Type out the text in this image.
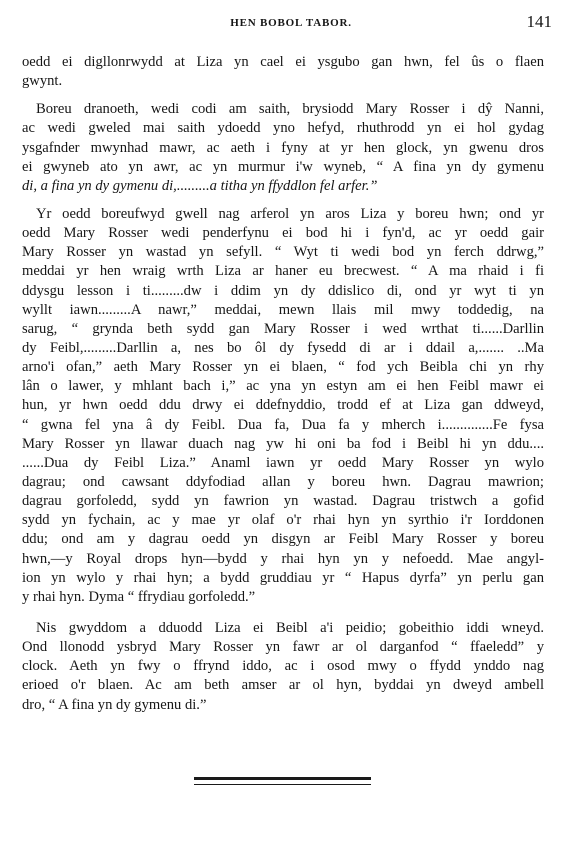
HEN BOBOL TABOR.	141
oedd ei digllonrwydd at Liza yn cael ei ysgubo gan hwn, fel ûs o flaen
gwynt.
Boreu dranoeth, wedi codi am saith, brysiodd Mary Rosser i dŷ Nanni,
ac wedi gweled mai saith ydoedd yno hefyd, rhuthrodd yn ei hol gydag
ysgafnder mwynhad mawr, ac aeth i fyny at yr hen glock, yn gwenu dros
ei gwyneb ato yn awr, ac yn murmur i'w wyneb, “ A fina yn dy gymenu
di, a fina yn dy gymenu di,.........a titha yn ffyddlon fel arfer.”
Yr oedd boreufwyd gwell nag arferol yn aros Liza y boreu hwn; ond yr
oedd Mary Rosser wedi penderfynu ei bod hi i fyn'd, ac yr oedd gair
Mary Rosser yn wastad yn sefyll. “ Wyt ti wedi bod yn ferch ddrwg,”
meddai yr hen wraig wrth Liza ar haner eu brecwest. “ A ma rhaid i fi
ddysgu lesson i ti.........dw i ddim yn dy ddislico di, ond yr wyt ti yn
wyllt iawn.........A nawr,” meddai, mewn llais mil mwy toddedig, na
sarug, “ grynda beth sydd gan Mary Rosser i wed wrthat ti......Darllin
dy Feibl,.........Darllin a, nes bo ôl dy fysedd di ar i ddail a,....... ..Ma
arno'i ofan,” aeth Mary Rosser yn ei blaen, “ fod ych Beibla chi yn rhy
lân o lawer, y mhlant bach i,” ac yna yn estyn am ei hen Feibl mawr ei
hun, yr hwn oedd ddu drwy ei ddefnyddio, trodd ef at Liza gan ddweyd,
“ gwna fel yna â dy Feibl. Dua fa, Dua fa y mherch i..............Fe fysa
Mary Rosser yn llawar duach nag yw hi oni ba fod i Beibl hi yn ddu....
......Dua dy Feibl Liza.” Anaml iawn yr oedd Mary Rosser yn wylo
dagrau; ond cawsant ddyfodiad allan y boreu hwn. Dagrau mawrion;
dagrau gorfoledd, sydd yn fawrion yn wastad. Dagrau tristwch a gofid
sydd yn fychain, ac y mae yr olaf o'r rhai hyn yn syrthio i'r Iorddonen
ddu; ond am y dagrau oedd yn disgyn ar Feibl Mary Rosser y boreu
hwn,—y Royal drops hyn—bydd y rhai hyn yn y nefoedd. Mae angyl-
ion yn wylo y rhai hyn; a bydd gruddiau yr “ Hapus dyrfa” yn perlu gan
y rhai hyn. Dyma “ ffrydiau gorfoledd.”
Nis gwyddom a dduodd Liza ei Beibl a'i peidio; gobeithio iddi wneyd.
Ond llonodd ysbryd Mary Rosser yn fawr ar ol darganfod “ ffaeledd” y
clock. Aeth yn fwy o ffrynd iddo, ac i osod mwy o ffydd ynddo nag
erioed o'r blaen. Ac am beth amser ar ol hyn, byddai yn dweyd ambell
dro, “ A fina yn dy gymenu di.”
